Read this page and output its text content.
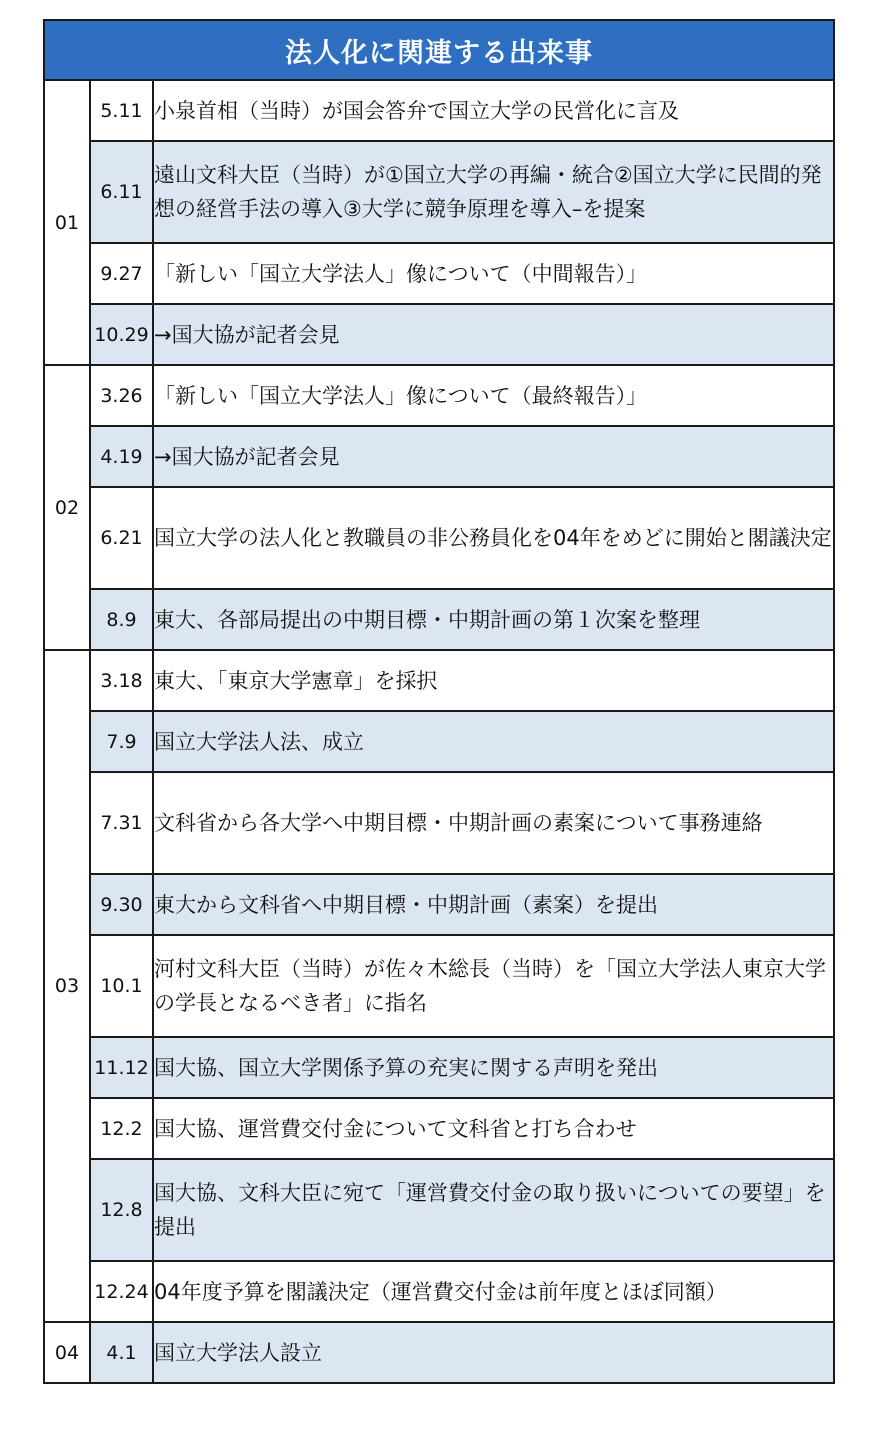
法人化に関連する出来事		
01	5.11	小泉首相（当時）が国会答弁で国立大学の民営化に言及
	6.11	遠山文科大臣（当時）が①国立大学の再編・統合②国立大学に民間的発想の経営手法の導入③大学に競争原理を導入–を提案
	9.27	「新しい「国立大学法人」像について（中間報告）」
	10.29	→国大協が記者会見
02	3.26	「新しい「国立大学法人」像について（最終報告）」
	4.19	→国大協が記者会見
	6.21	国立大学の法人化と教職員の非公務員化を04年をめどに開始と閣議決定
	8.9	東大、各部局提出の中期目標・中期計画の第１次案を整理
03	3.18	東大、「東京大学憲章」を採択
	7.9	国立大学法人法、成立
	7.31	文科省から各大学へ中期目標・中期計画の素案について事務連絡
	9.30	東大から文科省へ中期目標・中期計画（素案）を提出
	10.1	河村文科大臣（当時）が佐々木総長（当時）を「国立大学法人東京大学の学長となるべき者」に指名
	11.12	国大協、国立大学関係予算の充実に関する声明を発出
	12.2	国大協、運営費交付金について文科省と打ち合わせ
	12.8	国大協、文科大臣に宛て「運営費交付金の取り扱いについての要望」を提出
	12.24	04年度予算を閣議決定（運営費交付金は前年度とほぼ同額）
04	4.1	国立大学法人設立
